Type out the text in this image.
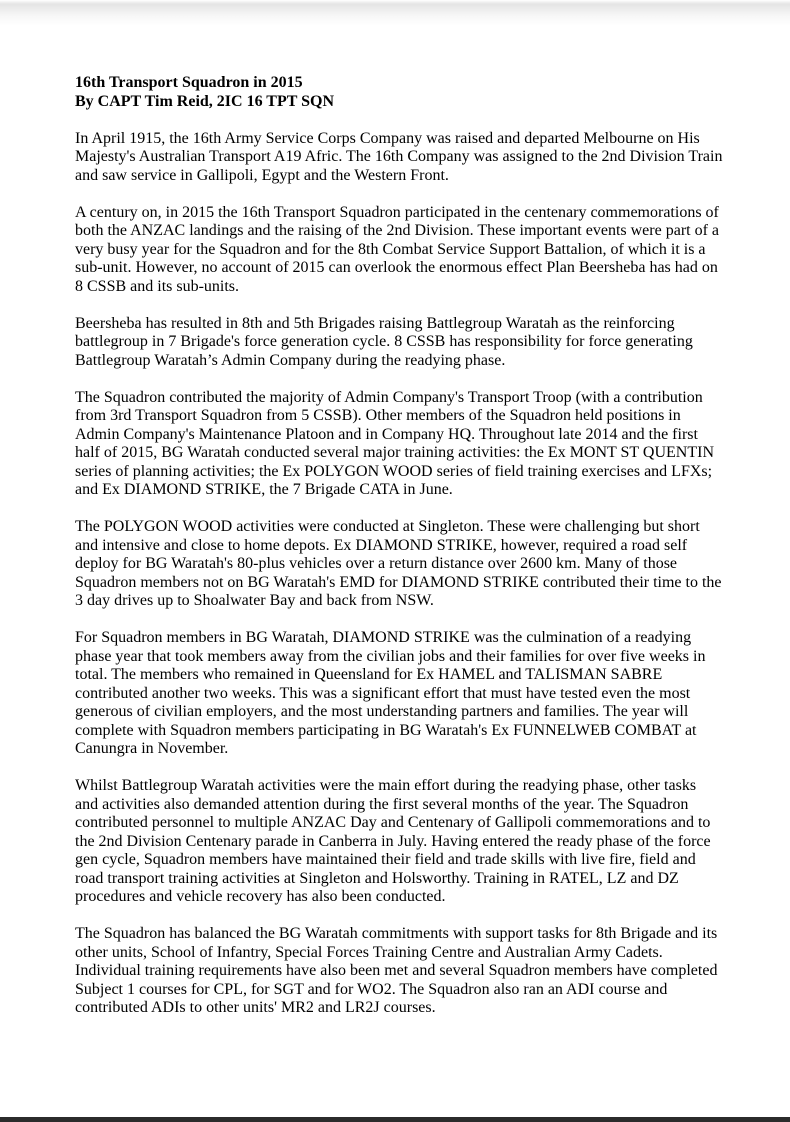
16th Transport Squadron in 2015
By CAPT Tim Reid, 2IC 16 TPT SQN

In April 1915, the 16th Army Service Corps Company was raised and departed Melbourne on His Majesty's Australian Transport A19 Afric. The 16th Company was assigned to the 2nd Division Train and saw service in Gallipoli, Egypt and the Western Front.

A century on, in 2015 the 16th Transport Squadron participated in the centenary commemorations of both the ANZAC landings and the raising of the 2nd Division. These important events were part of a very busy year for the Squadron and for the 8th Combat Service Support Battalion, of which it is a sub-unit. However, no account of 2015 can overlook the enormous effect Plan Beersheba has had on 8 CSSB and its sub-units.

Beersheba has resulted in 8th and 5th Brigades raising Battlegroup Waratah as the reinforcing battlegroup in 7 Brigade's force generation cycle. 8 CSSB has responsibility for force generating Battlegroup Waratah’s Admin Company during the readying phase.

The Squadron contributed the majority of Admin Company's Transport Troop (with a contribution from 3rd Transport Squadron from 5 CSSB). Other members of the Squadron held positions in Admin Company's Maintenance Platoon and in Company HQ. Throughout late 2014 and the first half of 2015, BG Waratah conducted several major training activities: the Ex MONT ST QUENTIN series of planning activities; the Ex POLYGON WOOD series of field training exercises and LFXs; and Ex DIAMOND STRIKE, the 7 Brigade CATA in June.

The POLYGON WOOD activities were conducted at Singleton. These were challenging but short and intensive and close to home depots. Ex DIAMOND STRIKE, however, required a road self deploy for BG Waratah's 80-plus vehicles over a return distance over 2600 km. Many of those Squadron members not on BG Waratah's EMD for DIAMOND STRIKE contributed their time to the 3 day drives up to Shoalwater Bay and back from NSW.

For Squadron members in BG Waratah, DIAMOND STRIKE was the culmination of a readying phase year that took members away from the civilian jobs and their families for over five weeks in total. The members who remained in Queensland for Ex HAMEL and TALISMAN SABRE contributed another two weeks. This was a significant effort that must have tested even the most generous of civilian employers, and the most understanding partners and families. The year will complete with Squadron members participating in BG Waratah's Ex FUNNELWEB COMBAT at Canungra in November.

Whilst Battlegroup Waratah activities were the main effort during the readying phase, other tasks and activities also demanded attention during the first several months of the year. The Squadron contributed personnel to multiple ANZAC Day and Centenary of Gallipoli commemorations and to the 2nd Division Centenary parade in Canberra in July. Having entered the ready phase of the force gen cycle, Squadron members have maintained their field and trade skills with live fire, field and road transport training activities at Singleton and Holsworthy. Training in RATEL, LZ and DZ procedures and vehicle recovery has also been conducted.

The Squadron has balanced the BG Waratah commitments with support tasks for 8th Brigade and its other units, School of Infantry, Special Forces Training Centre and Australian Army Cadets. Individual training requirements have also been met and several Squadron members have completed Subject 1 courses for CPL, for SGT and for WO2. The Squadron also ran an ADI course and contributed ADIs to other units' MR2 and LR2J courses.
